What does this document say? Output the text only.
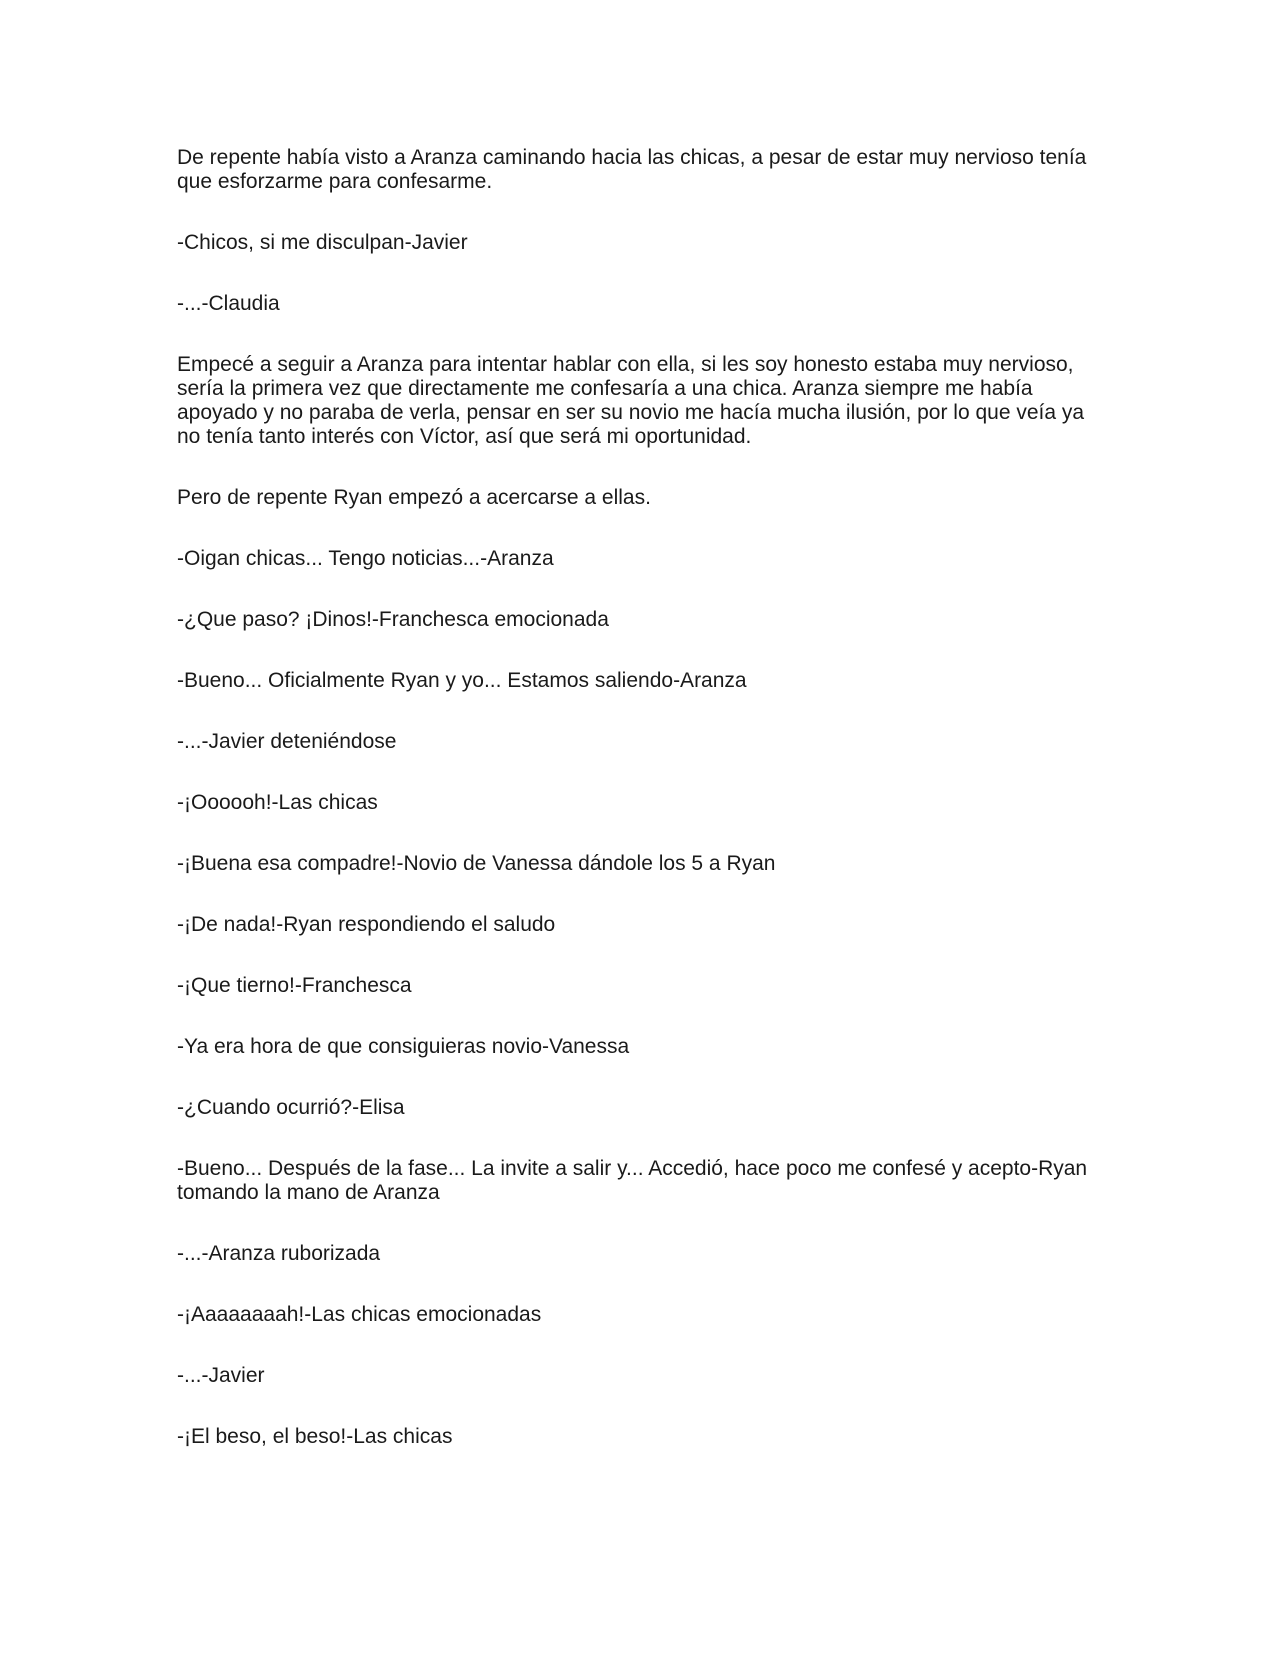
De repente había visto a Aranza caminando hacia las chicas, a pesar de estar muy nervioso tenía que esforzarme para confesarme.

-Chicos, si me disculpan-Javier

-...-Claudia

Empecé a seguir a Aranza para intentar hablar con ella, si les soy honesto estaba muy nervioso, sería la primera vez que directamente me confesaría a una chica. Aranza siempre me había apoyado y no paraba de verla, pensar en ser su novio me hacía mucha ilusión, por lo que veía ya no tenía tanto interés con Víctor, así que será mi oportunidad.

Pero de repente Ryan empezó a acercarse a ellas.

-Oigan chicas... Tengo noticias...-Aranza

-¿Que paso? ¡Dinos!-Franchesca emocionada

-Bueno... Oficialmente Ryan y yo... Estamos saliendo-Aranza

-...-Javier deteniéndose

-¡Oooooh!-Las chicas

-¡Buena esa compadre!-Novio de Vanessa dándole los 5 a Ryan

-¡De nada!-Ryan respondiendo el saludo

-¡Que tierno!-Franchesca

-Ya era hora de que consiguieras novio-Vanessa

-¿Cuando ocurrió?-Elisa

-Bueno... Después de la fase... La invite a salir y... Accedió, hace poco me confesé y acepto-Ryan tomando la mano de Aranza

-...-Aranza ruborizada

-¡Aaaaaaaah!-Las chicas emocionadas

-...-Javier

-¡El beso, el beso!-Las chicas
